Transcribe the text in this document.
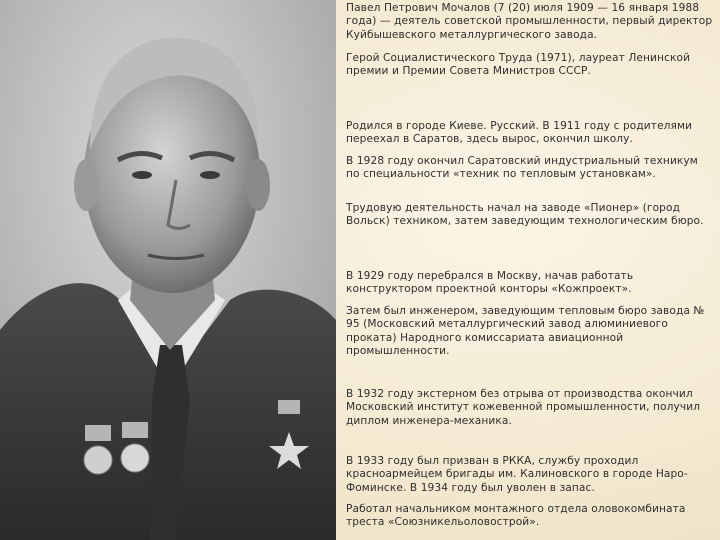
Павел Петрович Мочалов (7 (20) июля 1909 — 16 января 1988 года) — деятель советской промышленности, первый директор Куйбышевского металлургического завода.

Герой Социалистического Труда (1971), лауреат Ленинской премии и Премии Совета Министров СССР.

Родился в городе Киеве. Русский. В 1911 году с родителями переехал в Саратов, здесь вырос, окончил школу.

В 1928 году окончил Саратовский индустриальный техникум по специальности «техник по тепловым установкам».

Трудовую деятельность начал на заводе «Пионер» (город Вольск) техником, затем заведующим технологическим бюро.

В 1929 году перебрался в Москву, начав работать конструктором проектной конторы «Кожпроект».

Затем был инженером, заведующим тепловым бюро завода № 95 (Московский металлургический завод алюминиевого проката) Народного комиссариата авиационной промышленности.

В 1932 году экстерном без отрыва от производства окончил Московский институт кожевенной промышленности, получил диплом инженера-механика.

В 1933 году был призван в РККА, службу проходил красноармейцем бригады им. Калиновского в городе Наро-Фоминске. В 1934 году был уволен в запас.

Работал начальником монтажного отдела оловокомбината треста «Союзникельоловострой».
